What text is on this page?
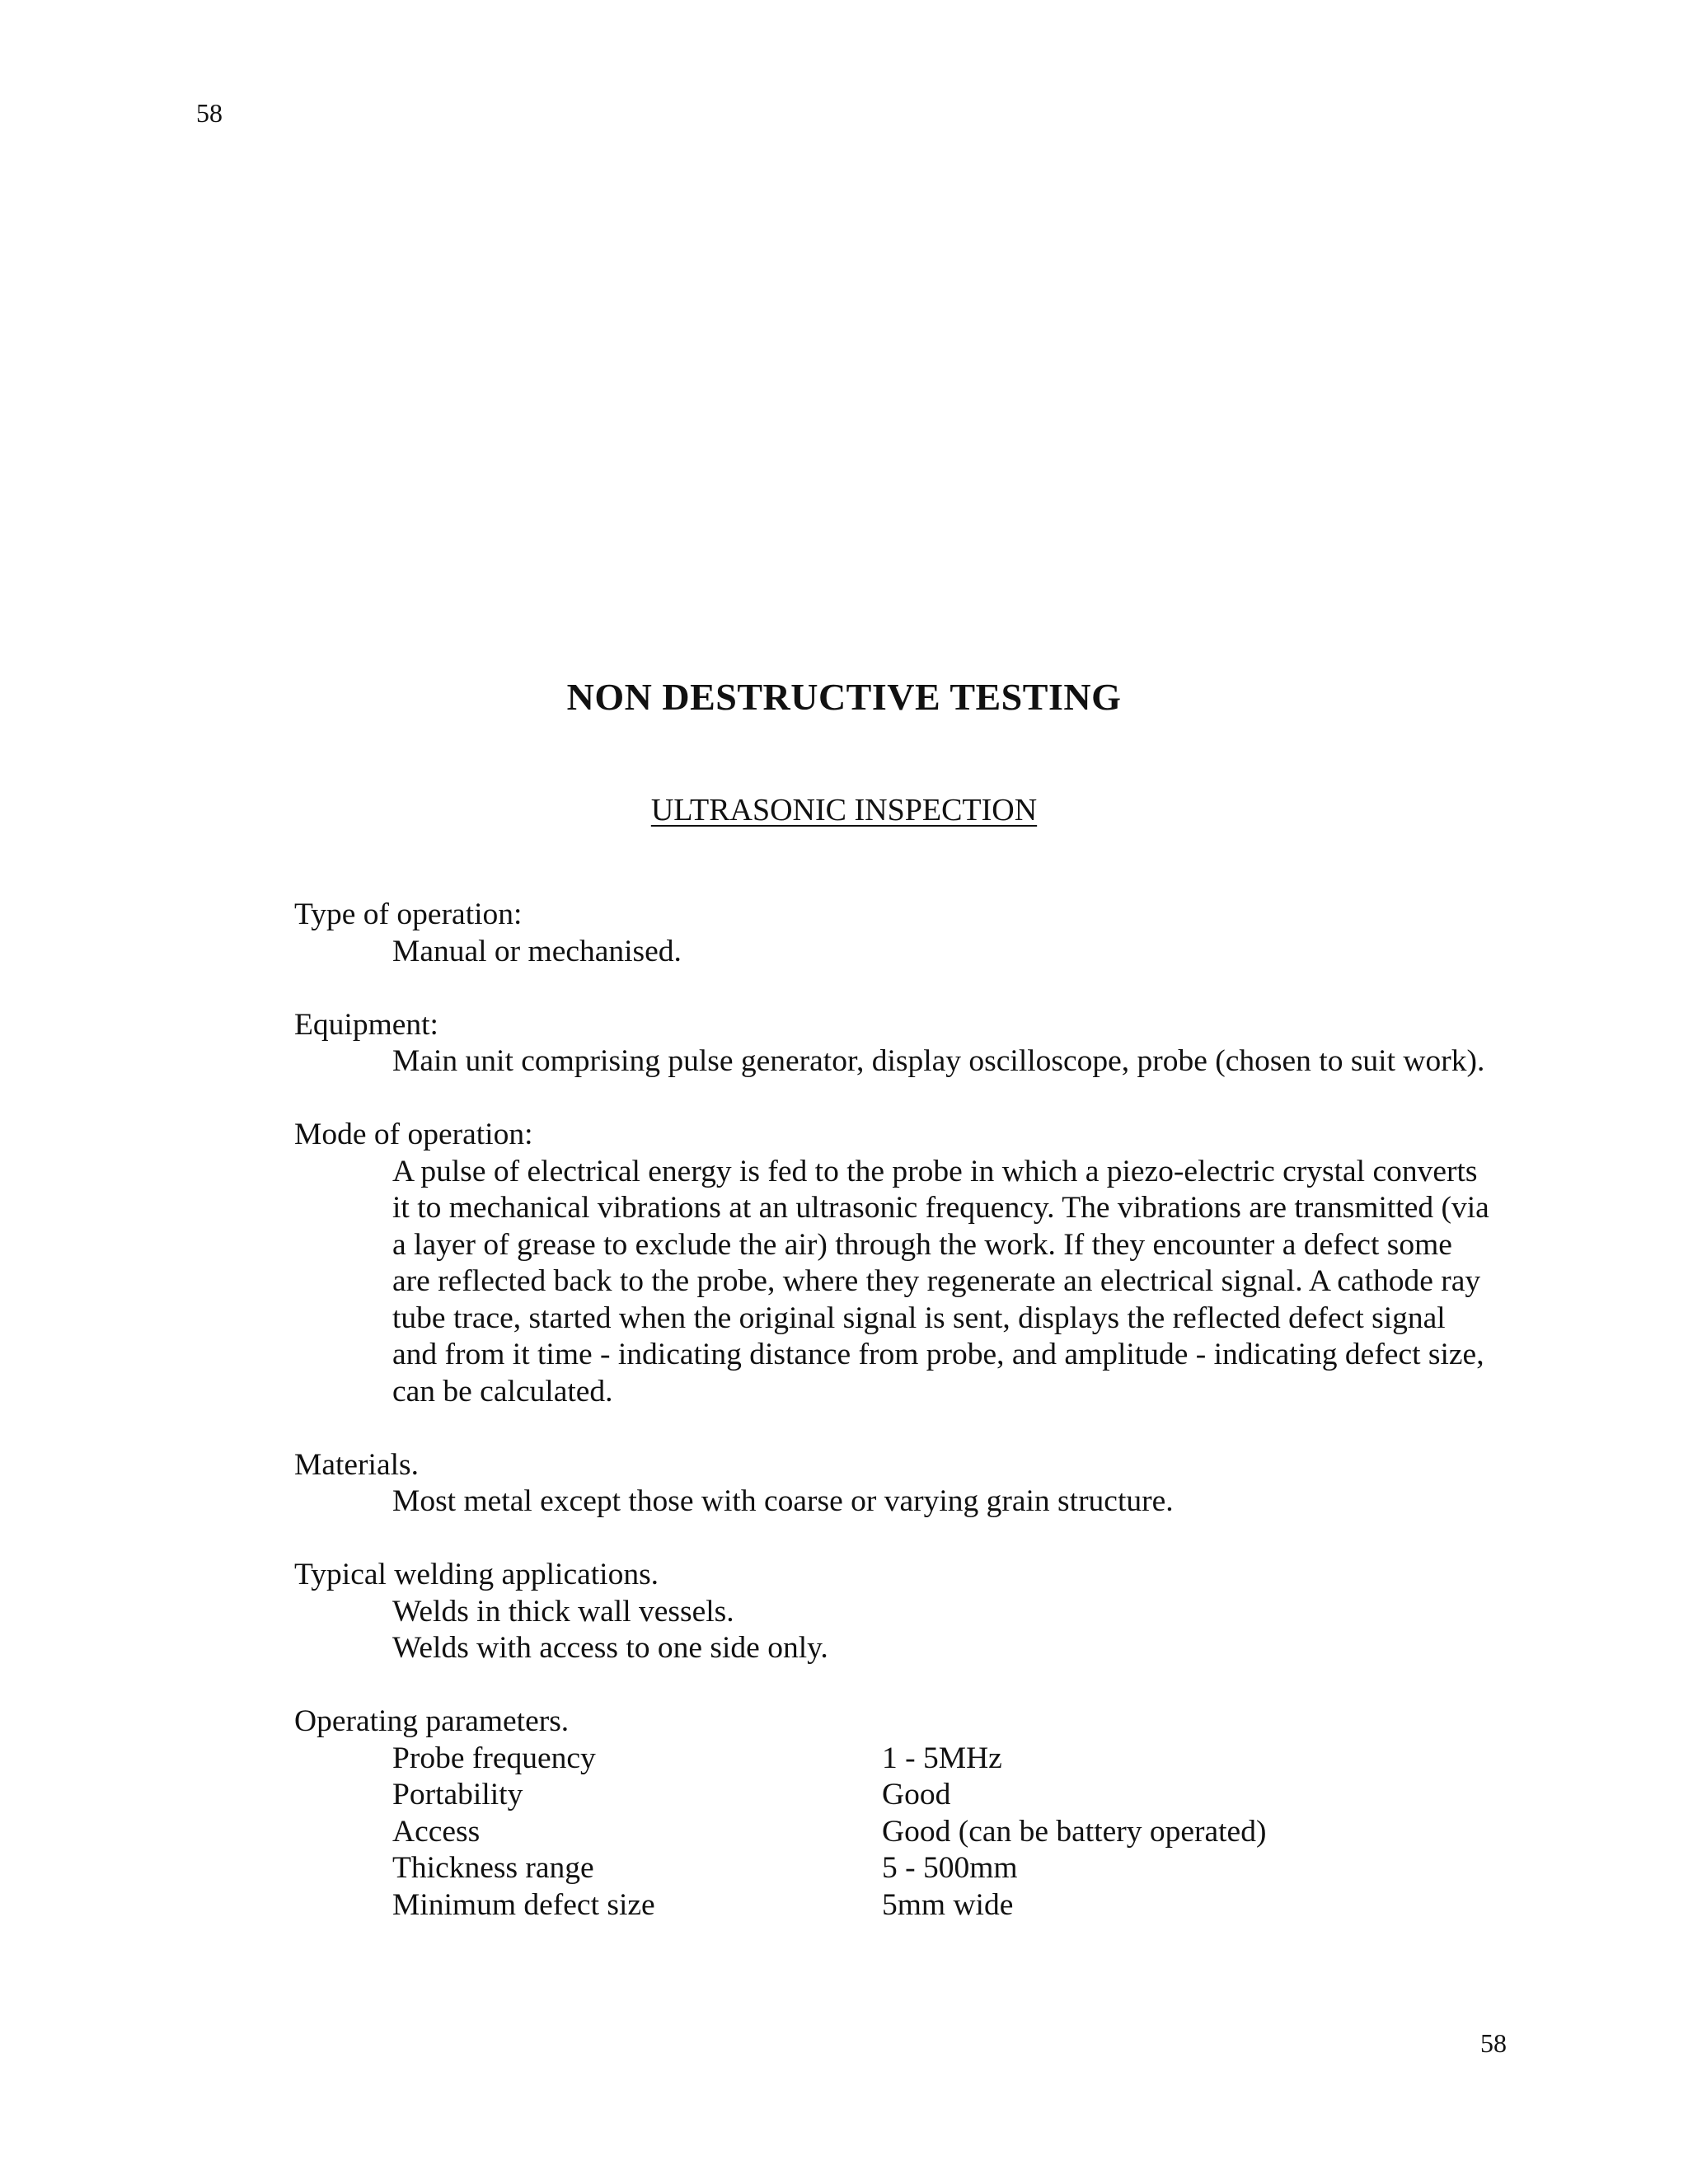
58
NON DESTRUCTIVE TESTING
ULTRASONIC INSPECTION

Type of operation:

Manual or mechanised.

Equipment:

Main unit comprising pulse generator, display oscilloscope, probe (chosen to suit work).

Mode of operation:

A pulse of electrical energy is fed to the probe in which a piezo-electric crystal converts it to mechanical vibrations at an ultrasonic frequency. The vibrations are transmitted (via a layer of grease to exclude the air) through the work. If they encounter a defect some are reflected back to the probe, where they regenerate an electrical signal. A cathode ray tube trace, started when the original signal is sent, displays the reflected defect signal and from it time - indicating distance from probe, and amplitude - indicating defect size, can be calculated.

Materials.

Most metal except those with coarse or varying grain structure.

Typical welding applications.

Welds in thick wall vessels.

Welds with access to one side only.

Operating parameters.

Probe frequency	1 - 5MHz
Portability	Good
Access	Good (can be battery operated)
Thickness range	5 - 500mm
Minimum defect size	5mm wide
58
